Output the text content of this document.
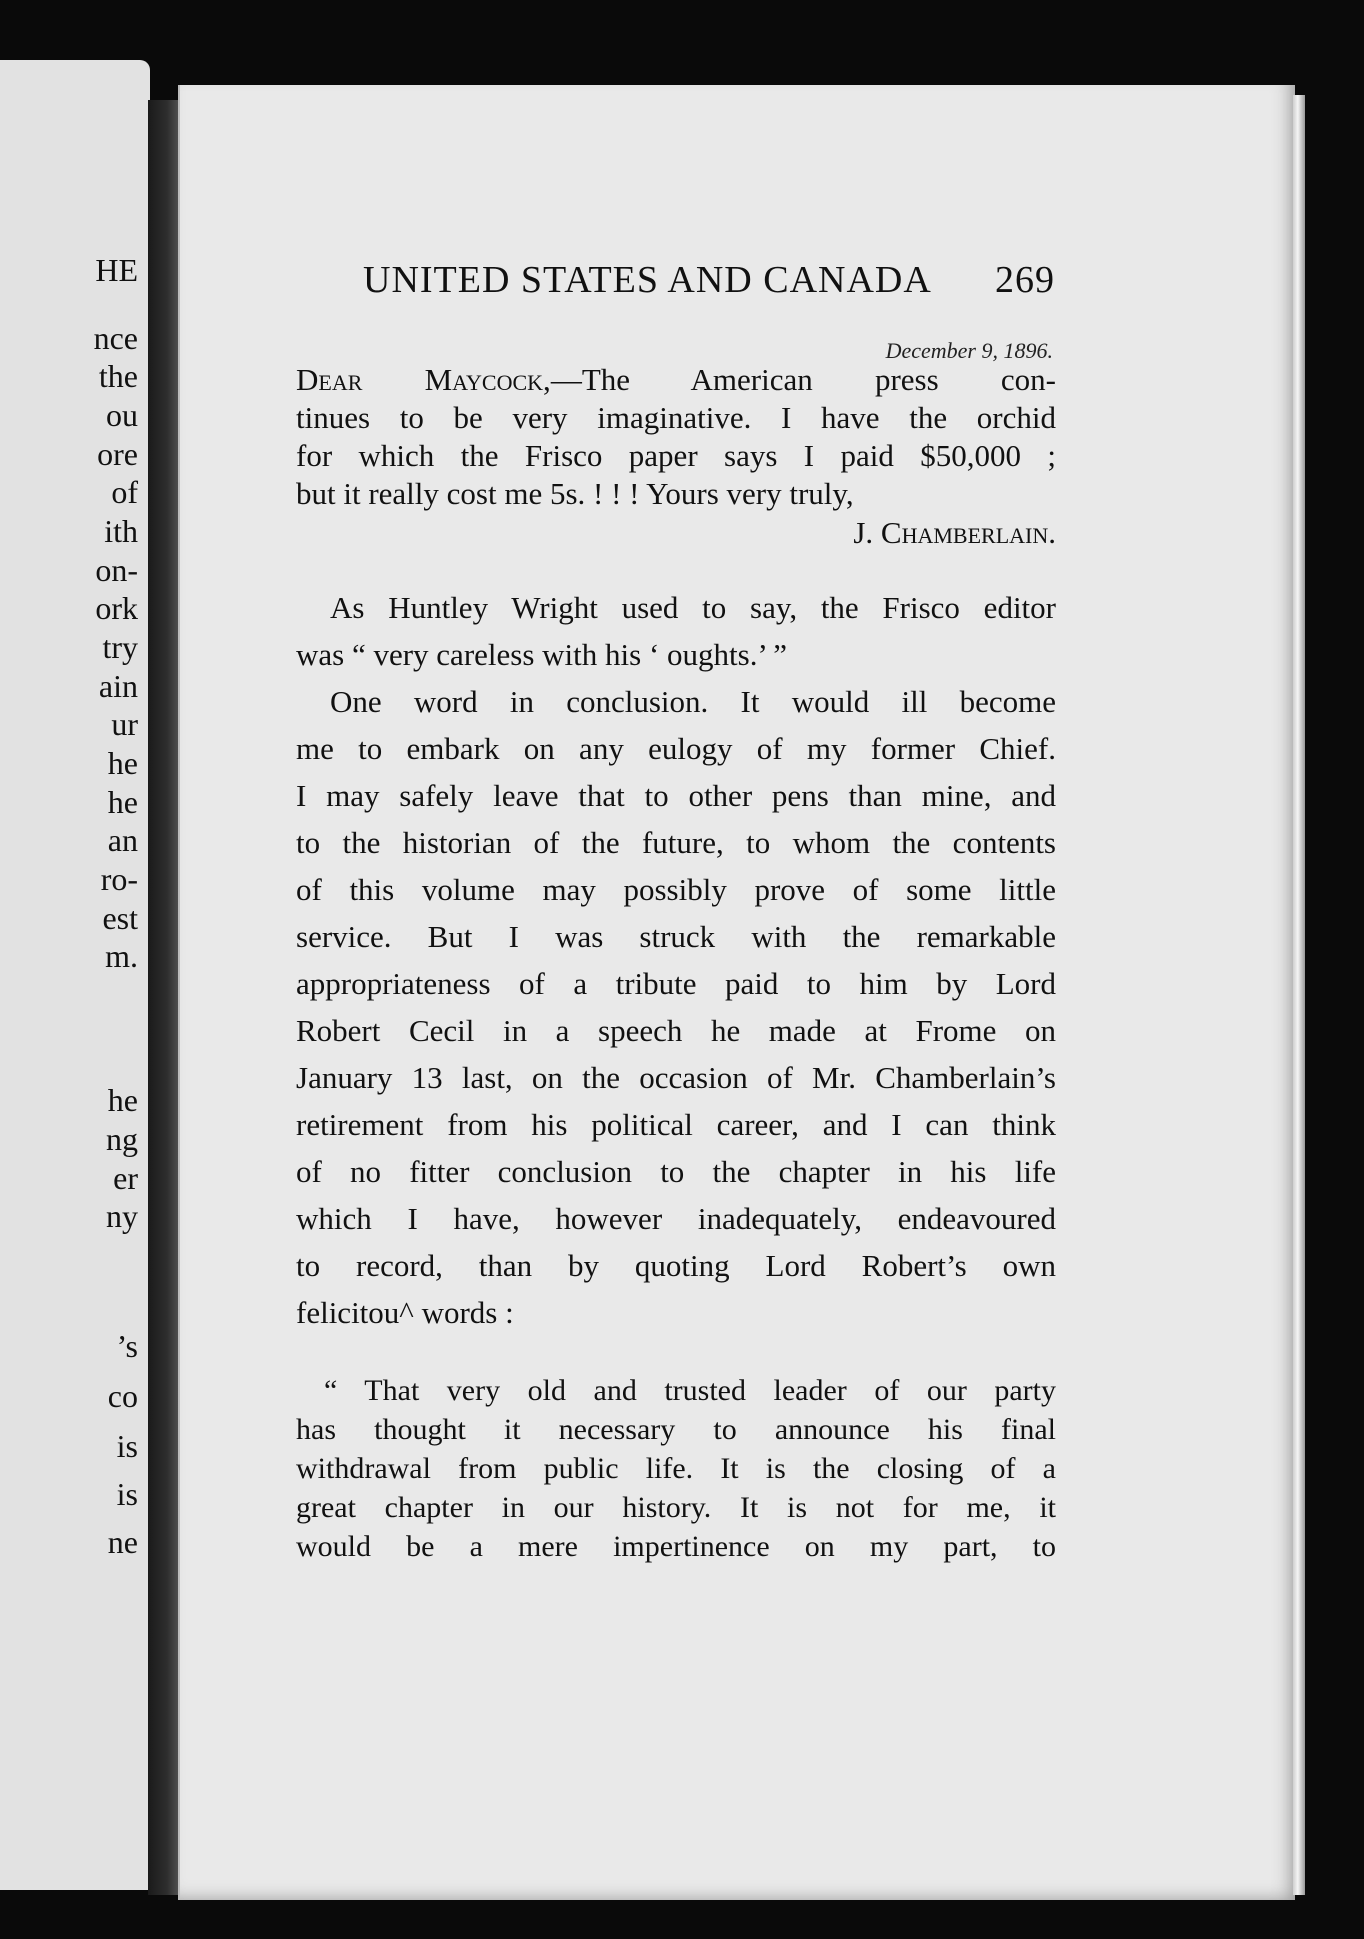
HE

nce

the

ou

ore

of

ith

on-

ork

try

ain

ur

he

he

an

ro-

est

m.

he

ng

er

ny

’s

co

is

is

ne

UNITED STATES AND CANADA 269
December 9, 1896.
Dear Maycock,—The American press con-
tinues to be very imaginative. I have the orchid
for which the Frisco paper says I paid $50,000 ;
but it really cost me 5s. ! ! ! Yours very truly,
J. Chamberlain.
As Huntley Wright used to say, the Frisco editor
was “ very careless with his ‘ oughts.’ ”
One word in conclusion. It would ill become
me to embark on any eulogy of my former Chief.
I may safely leave that to other pens than mine, and
to the historian of the future, to whom the contents
of this volume may possibly prove of some little
service. But I was struck with the remarkable
appropriateness of a tribute paid to him by Lord
Robert Cecil in a speech he made at Frome on
January 13 last, on the occasion of Mr. Chamberlain’s
retirement from his political career, and I can think
of no fitter conclusion to the chapter in his life
which I have, however inadequately, endeavoured
to record, than by quoting Lord Robert’s own
felicitou^ words :
“ That very old and trusted leader of our party
has thought it necessary to announce his final
withdrawal from public life. It is the closing of a
great chapter in our history. It is not for me, it
would be a mere impertinence on my part, to
